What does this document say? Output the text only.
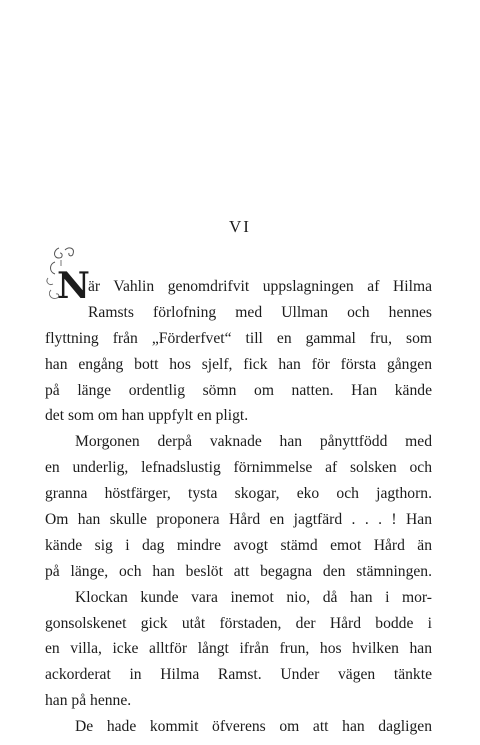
VI
N
är Vahlin genomdrifvit uppslagningen af Hilma
Ramsts förlofning med Ullman och hennes
flyttning från „Förderfvet“ till en gammal fru, som
han engång bott hos sjelf, fick han för första gången
på länge ordentlig sömn om natten. Han kände
det som om han uppfylt en pligt.
Morgonen derpå vaknade han pånyttfödd med
en underlig, lefnadslustig förnimmelse af solsken och
granna höstfärger, tysta skogar, eko och jagthorn.
Om han skulle proponera Hård en jagtfärd . . . ! Han
kände sig i dag mindre avogt stämd emot Hård än
på länge, och han beslöt att begagna den stämningen.
Klockan kunde vara inemot nio, då han i mor-
gonsolskenet gick utåt förstaden, der Hård bodde i
en villa, icke alltför långt ifrån frun, hos hvilken han
ackorderat in Hilma Ramst. Under vägen tänkte
han på henne.
De hade kommit öfverens om att han dagligen
